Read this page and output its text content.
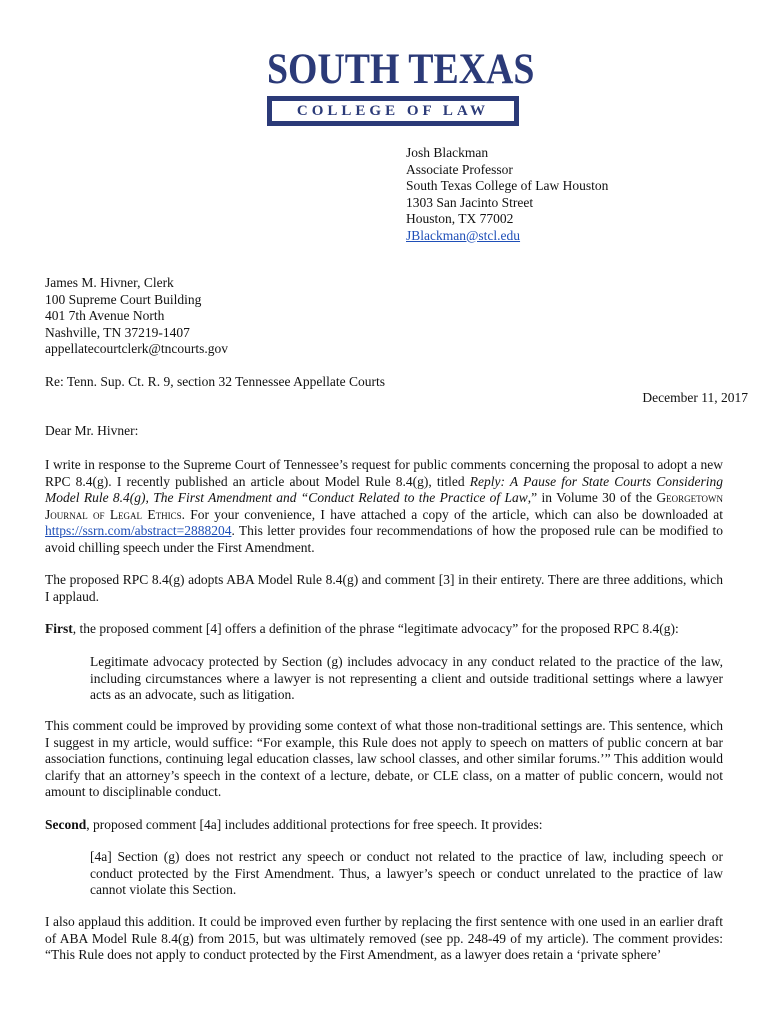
SOUTH TEXAS
COLLEGE OF LAW
Josh Blackman
Associate Professor
South Texas College of Law Houston
1303 San Jacinto Street
Houston, TX 77002
JBlackman@stcl.edu
James M. Hivner, Clerk
100 Supreme Court Building
401 7th Avenue North
Nashville, TN 37219-1407
appellatecourtclerk@tncourts.gov
Re: Tenn. Sup. Ct. R. 9, section 32 Tennessee Appellate Courts
December 11, 2017
Dear Mr. Hivner:

I write in response to the Supreme Court of Tennessee’s request for public comments concerning the proposal to adopt a new RPC 8.4(g). I recently published an article about Model Rule 8.4(g), titled Reply: A Pause for State Courts Considering Model Rule 8.4(g), The First Amendment and “Conduct Related to the Practice of Law,” in Volume 30 of the Georgetown Journal of Legal Ethics. For your convenience, I have attached a copy of the article, which can also be downloaded at https://ssrn.com/abstract=2888204. This letter provides four recommendations of how the proposed rule can be modified to avoid chilling speech under the First Amendment.

The proposed RPC 8.4(g) adopts ABA Model Rule 8.4(g) and comment [3] in their entirety. There are three additions, which I applaud.

First, the proposed comment [4] offers a definition of the phrase “legitimate advocacy” for the proposed RPC 8.4(g):

Legitimate advocacy protected by Section (g) includes advocacy in any conduct related to the practice of the law, including circumstances where a lawyer is not representing a client and outside traditional settings where a lawyer acts as an advocate, such as litigation.

This comment could be improved by providing some context of what those non-traditional settings are. This sentence, which I suggest in my article, would suffice: “For example, this Rule does not apply to speech on matters of public concern at bar association functions, continuing legal education classes, law school classes, and other similar forums.’” This addition would clarify that an attorney’s speech in the context of a lecture, debate, or CLE class, on a matter of public concern, would not amount to disciplinable conduct.

Second, proposed comment [4a] includes additional protections for free speech. It provides:

[4a] Section (g) does not restrict any speech or conduct not related to the practice of law, including speech or conduct protected by the First Amendment. Thus, a lawyer’s speech or conduct unrelated to the practice of law cannot violate this Section.

I also applaud this addition. It could be improved even further by replacing the first sentence with one used in an earlier draft of ABA Model Rule 8.4(g) from 2015, but was ultimately removed (see pp. 248-49 of my article). The comment provides: “This Rule does not apply to conduct protected by the First Amendment, as a lawyer does retain a ‘private sphere’
